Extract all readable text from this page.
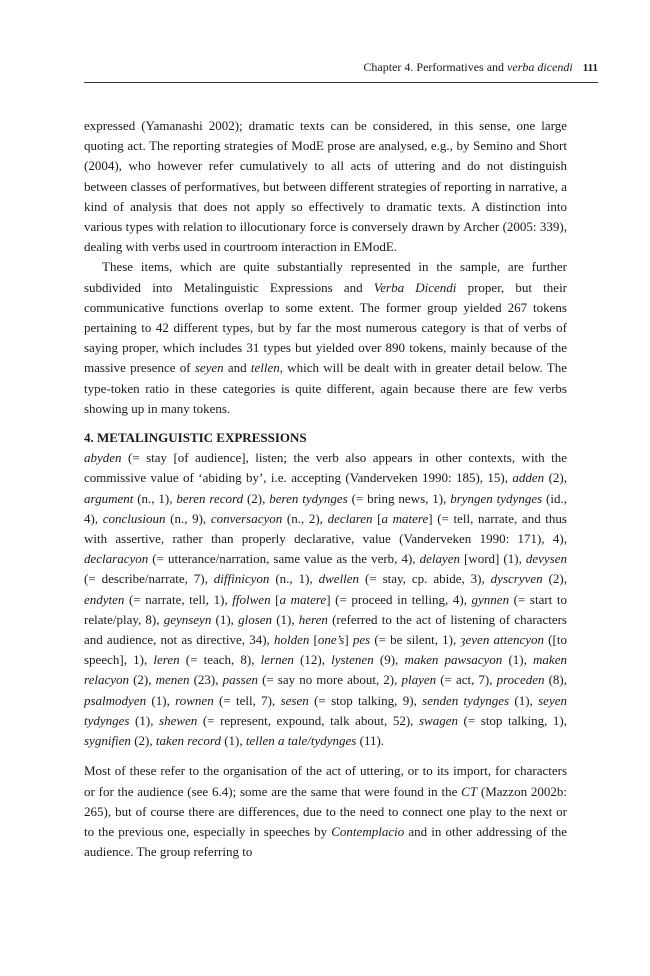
Chapter 4. Performatives and verba dicendi 111

expressed (Yamanashi 2002); dramatic texts can be considered, in this sense, one large quoting act. The reporting strategies of ModE prose are analysed, e.g., by Semino and Short (2004), who however refer cumulatively to all acts of uttering and do not distinguish between classes of performatives, but between different strategies of reporting in narrative, a kind of analysis that does not apply so effectively to dramatic texts. A distinction into various types with relation to illocutionary force is conversely drawn by Archer (2005: 339), dealing with verbs used in courtroom interaction in EModE.

These items, which are quite substantially represented in the sample, are further subdivided into Metalinguistic Expressions and Verba Dicendi proper, but their communicative functions overlap to some extent. The former group yielded 267 tokens pertaining to 42 different types, but by far the most numerous category is that of verbs of saying proper, which includes 31 types but yielded over 890 tokens, mainly because of the massive presence of seyen and tellen, which will be dealt with in greater detail below. The type-token ratio in these categories is quite different, again because there are few verbs showing up in many tokens.

4. METALINGUISTIC EXPRESSIONS

abyden (= stay [of audience], listen; the verb also appears in other contexts, with the commissive value of ‘abiding by’, i.e. accepting (Vanderveken 1990: 185), 15), adden (2), argument (n., 1), beren record (2), beren tydynges (= bring news, 1), bryngen tydynges (id., 4), conclusioun (n., 9), conversacyon (n., 2), declaren [a matere] (= tell, narrate, and thus with assertive, rather than properly declarative, value (Vanderveken 1990: 171), 4), declaracyon (= utterance/narration, same value as the verb, 4), delayen [word] (1), devysen (= describe/narrate, 7), diffinicyon (n., 1), dwellen (= stay, cp. abide, 3), dyscryven (2), endyten (= narrate, tell, 1), ffolwen [a matere] (= proceed in telling, 4), gynnen (= start to relate/play, 8), geynseyn (1), glosen (1), heren (referred to the act of listening of characters and audience, not as directive, 34), holden [one’s] pes (= be silent, 1), ȝeven attencyon ([to speech], 1), leren (= teach, 8), lernen (12), lystenen (9), maken pawsacyon (1), maken relacyon (2), menen (23), passen (= say no more about, 2), playen (= act, 7), proceden (8), psalmodyen (1), rownen (= tell, 7), sesen (= stop talking, 9), senden tydynges (1), seyen tydynges (1), shewen (= represent, expound, talk about, 52), swagen (= stop talking, 1), sygnifien (2), taken record (1), tellen a tale/tydynges (11).

Most of these refer to the organisation of the act of uttering, or to its import, for characters or for the audience (see 6.4); some are the same that were found in the CT (Mazzon 2002b: 265), but of course there are differences, due to the need to connect one play to the next or to the previous one, especially in speeches by Contemplacio and in other addressing of the audience. The group referring to
